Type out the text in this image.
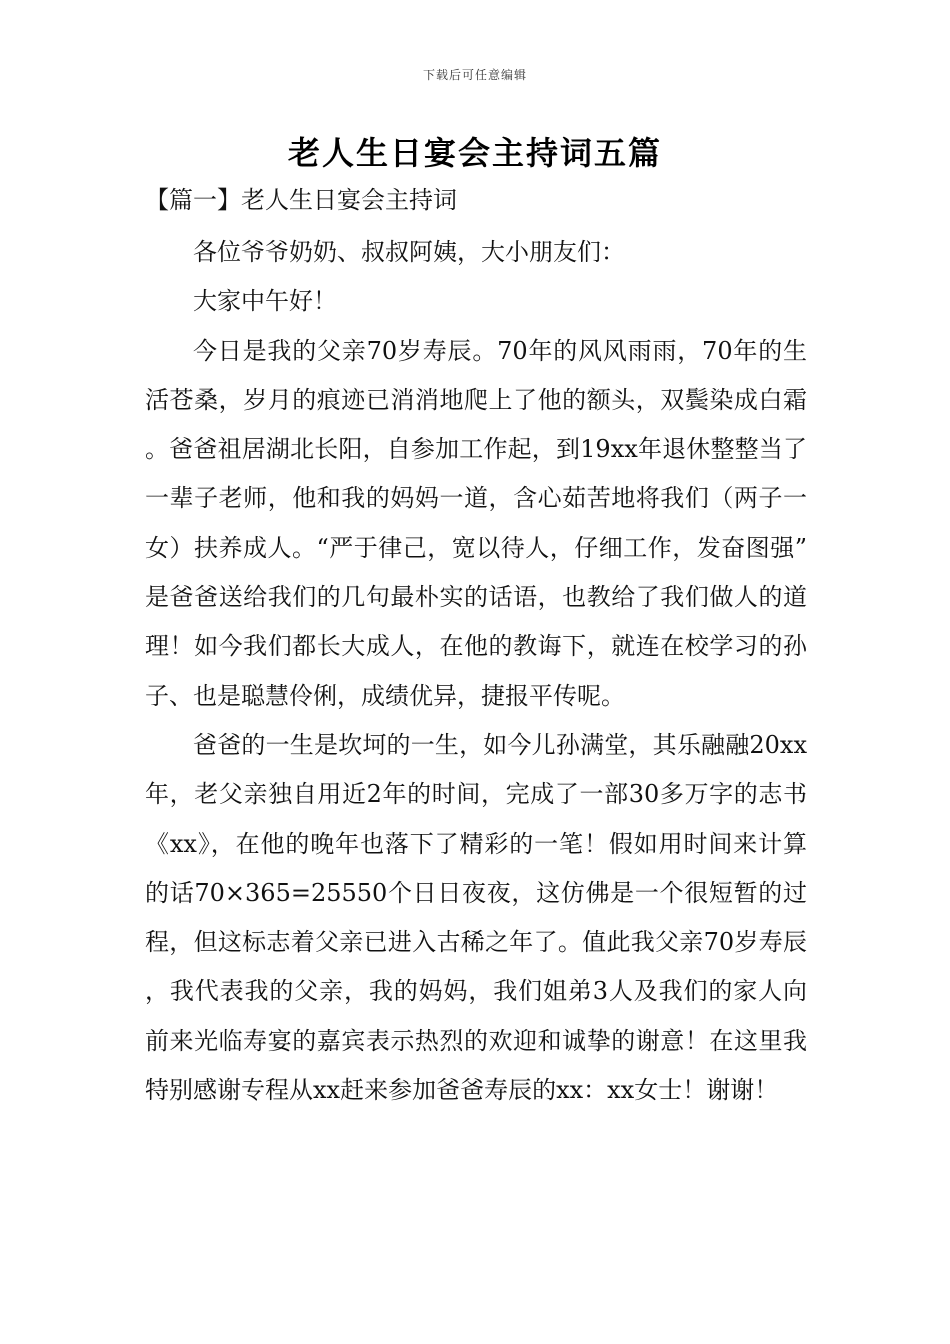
下载后可任意编辑
老人生日宴会主持词五篇
【篇一】老人生日宴会主持词

各位爷爷奶奶、叔叔阿姨，大小朋友们：

大家中午好！

今日是我的父亲70岁寿辰。70年的风风雨雨，70年的生活苍桑，岁月的痕迹已消消地爬上了他的额头，双鬓染成白霜。爸爸祖居湖北长阳，自参加工作起，到19xx年退休整整当了一辈子老师，他和我的妈妈一道，含心茹苦地将我们（两子一女）扶养成人。“严于律己，宽以待人，仔细工作，发奋图强”是爸爸送给我们的几句最朴实的话语，也教给了我们做人的道理！如今我们都长大成人，在他的教诲下，就连在校学习的孙子、也是聪慧伶俐，成绩优异，捷报平传呢。

爸爸的一生是坎坷的一生，如今儿孙满堂，其乐融融20xx年，老父亲独自用近2年的时间，完成了一部30多万字的志书《xx》，在他的晚年也落下了精彩的一笔！假如用时间来计算的话70×365=25550个日日夜夜，这仿佛是一个很短暂的过程，但这标志着父亲已进入古稀之年了。值此我父亲70岁寿辰，我代表我的父亲，我的妈妈，我们姐弟3人及我们的家人向前来光临寿宴的嘉宾表示热烈的欢迎和诚挚的谢意！在这里我特别感谢专程从xx赶来参加爸爸寿辰的xx：xx女士！谢谢！
